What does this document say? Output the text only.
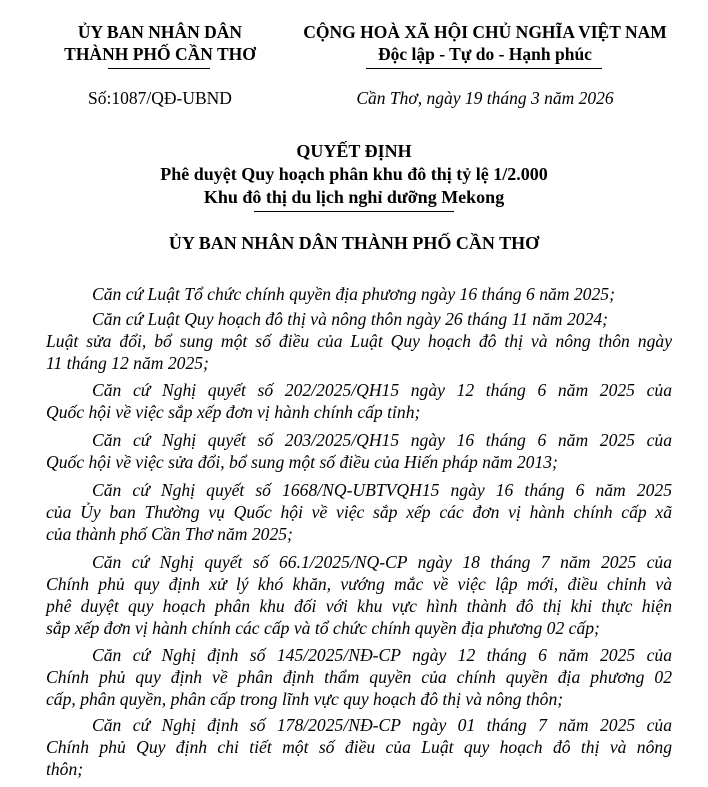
ỦY BAN NHÂN DÂN
THÀNH PHỐ CẦN THƠ
Số:1087/QĐ-UBND
CỘNG HOÀ XÃ HỘI CHỦ NGHĨA VIỆT NAM
Độc lập - Tự do - Hạnh phúc
Cần Thơ, ngày 19 tháng 3 năm 2026
QUYẾT ĐỊNH
Phê duyệt Quy hoạch phân khu đô thị tỷ lệ 1/2.000
Khu đô thị du lịch nghỉ dưỡng Mekong
ỦY BAN NHÂN DÂN THÀNH PHỐ CẦN THƠ
Căn cứ Luật Tổ chức chính quyền địa phương ngày 16 tháng 6 năm 2025;
Căn cứ Luật Quy hoạch đô thị và nông thôn ngày 26 tháng 11 năm 2024;
Luật sửa đổi, bổ sung một số điều của Luật Quy hoạch đô thị và nông thôn ngày
11 tháng 12 năm 2025;
Căn cứ Nghị quyết số 202/2025/QH15 ngày 12 tháng 6 năm 2025 của
Quốc hội về việc sắp xếp đơn vị hành chính cấp tỉnh;
Căn cứ Nghị quyết số 203/2025/QH15 ngày 16 tháng 6 năm 2025 của
Quốc hội về việc sửa đổi, bổ sung một số điều của Hiến pháp năm 2013;
Căn cứ Nghị quyết số 1668/NQ-UBTVQH15 ngày 16 tháng 6 năm 2025
của Ủy ban Thường vụ Quốc hội về việc sắp xếp các đơn vị hành chính cấp xã
của thành phố Cần Thơ năm 2025;
Căn cứ Nghị quyết số 66.1/2025/NQ-CP ngày 18 tháng 7 năm 2025 của
Chính phủ quy định xử lý khó khăn, vướng mắc về việc lập mới, điều chỉnh và
phê duyệt quy hoạch phân khu đối với khu vực hình thành đô thị khi thực hiện
sắp xếp đơn vị hành chính các cấp và tổ chức chính quyền địa phương 02 cấp;
Căn cứ Nghị định số 145/2025/NĐ-CP ngày 12 tháng 6 năm 2025 của
Chính phủ quy định về phân định thẩm quyền của chính quyền địa phương 02
cấp, phân quyền, phân cấp trong lĩnh vực quy hoạch đô thị và nông thôn;
Căn cứ Nghị định số 178/2025/NĐ-CP ngày 01 tháng 7 năm 2025 của
Chính phủ Quy định chi tiết một số điều của Luật quy hoạch đô thị và nông
thôn;
